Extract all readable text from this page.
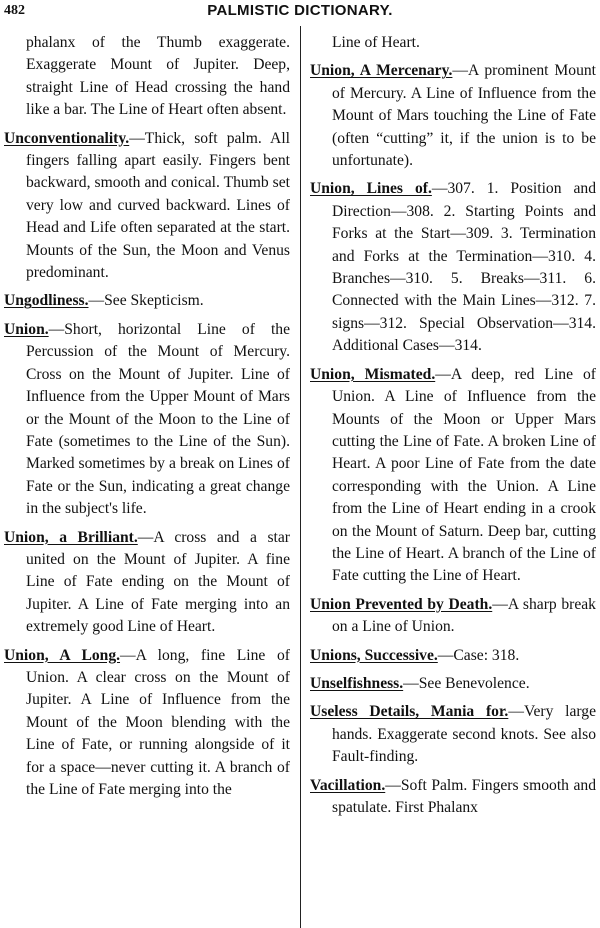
482	PALMISTIC DICTIONARY.

phalanx of the Thumb exaggerate. Exaggerate Mount of Jupiter. Deep, straight Line of Head crossing the hand like a bar. The Line of Heart often absent.

Unconventionality.—Thick, soft palm. All fingers falling apart easily. Fingers bent backward, smooth and conical. Thumb set very low and curved backward. Lines of Head and Life often separated at the start. Mounts of the Sun, the Moon and Venus predominant.

Ungodliness.—See Skepticism.

Union.—Short, horizontal Line of the Percussion of the Mount of Mercury. Cross on the Mount of Jupiter. Line of Influence from the Upper Mount of Mars or the Mount of the Moon to the Line of Fate (sometimes to the Line of the Sun). Marked sometimes by a break on Lines of Fate or the Sun, indicating a great change in the subject's life.

Union, a Brilliant.—A cross and a star united on the Mount of Jupiter. A fine Line of Fate ending on the Mount of Jupiter. A Line of Fate merging into an extremely good Line of Heart.

Union, A Long.—A long, fine Line of Union. A clear cross on the Mount of Jupiter. A Line of Influence from the Mount of the Moon blending with the Line of Fate, or running alongside of it for a space—never cutting it. A branch of the Line of Fate merging into the

Line of Heart.

Union, A Mercenary.—A prominent Mount of Mercury. A Line of Influence from the Mount of Mars touching the Line of Fate (often “cutting” it, if the union is to be unfortunate).

Union, Lines of.—307. 1. Position and Direction—308. 2. Starting Points and Forks at the Start—309. 3. Termination and Forks at the Termination—310. 4. Branches—310. 5. Breaks—311. 6. Connected with the Main Lines—312. 7. signs—312. Special Observation—314. Additional Cases—314.

Union, Mismated.—A deep, red Line of Union. A Line of Influence from the Mounts of the Moon or Upper Mars cutting the Line of Fate. A broken Line of Heart. A poor Line of Fate from the date corresponding with the Union. A Line from the Line of Heart ending in a crook on the Mount of Saturn. Deep bar, cutting the Line of Heart. A branch of the Line of Fate cutting the Line of Heart.

Union Prevented by Death.—A sharp break on a Line of Union.

Unions, Successive.—Case: 318.

Unselfishness.—See Benevolence.

Useless Details, Mania for.—Very large hands. Exaggerate second knots. See also Fault-finding.

Vacillation.—Soft Palm. Fingers smooth and spatulate. First Phalanx
